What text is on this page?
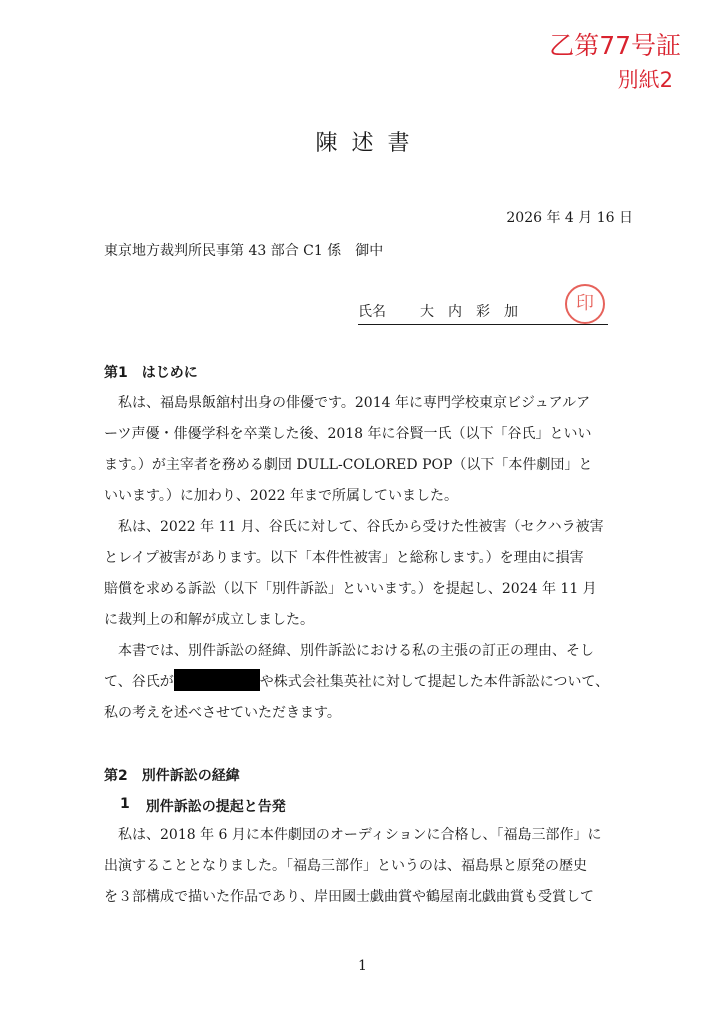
乙第77号証
別紙2
陳述書
2026 年 4 月 16 日
東京地方裁判所民事第 43 部合 C1 係　御中
氏名	大内彩加	印
第1 はじめに

　私は、福島県飯舘村出身の俳優です。2014 年に専門学校東京ビジュアルア
ーツ声優・俳優学科を卒業した後、2018 年に谷賢一氏（以下「谷氏」といい
ます。）が主宰者を務める劇団 DULL-COLORED POP（以下「本件劇団」と
いいます。）に加わり、2022 年まで所属していました。

　私は、2022 年 11 月、谷氏に対して、谷氏から受けた性被害（セクハラ被害
とレイプ被害があります。以下「本件性被害」と総称します。）を理由に損害
賠償を求める訴訟（以下「別件訴訟」といいます。）を提起し、2024 年 11 月
に裁判上の和解が成立しました。

　本書では、別件訴訟の経緯、別件訴訟における私の主張の訂正の理由、そし
て、谷氏が	や株式会社集英社に対して提起した本件訴訟について、
私の考えを述べさせていただきます。

第2 別件訴訟の経緯
1 別件訴訟の提起と告発

　私は、2018 年 6 月に本件劇団のオーディションに合格し、「福島三部作」に
出演することとなりました。「福島三部作」というのは、福島県と原発の歴史
を３部構成で描いた作品であり、岸田國士戯曲賞や鶴屋南北戯曲賞も受賞して

1
